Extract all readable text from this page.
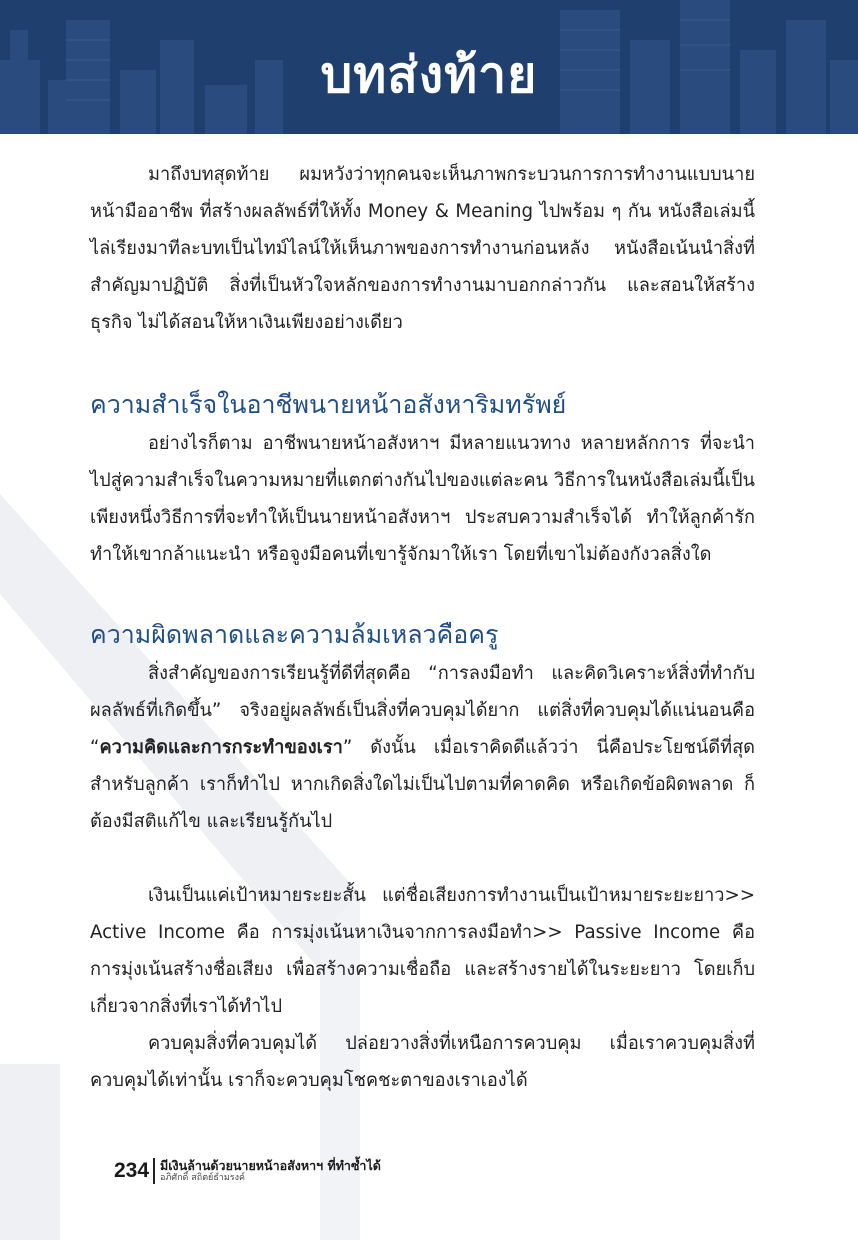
บทส่งท้าย

มาถึงบทสุดท้าย ผมหวังว่าทุกคนจะเห็นภาพกระบวนการการทำงานแบบนายหน้ามืออาชีพ ที่สร้างผลลัพธ์ที่ให้ทั้ง Money & Meaning ไปพร้อม ๆ กัน หนังสือเล่มนี้ไล่เรียงมาทีละบทเป็นไทม์ไลน์ให้เห็นภาพของการทำงานก่อนหลัง หนังสือเน้นนำสิ่งที่สำคัญมาปฏิบัติ สิ่งที่เป็นหัวใจหลักของการทำงานมาบอกกล่าวกัน และสอนให้สร้างธุรกิจ ไม่ได้สอนให้หาเงินเพียงอย่างเดียว

ความสำเร็จในอาชีพนายหน้าอสังหาริมทรัพย์

อย่างไรก็ตาม อาชีพนายหน้าอสังหาฯ มีหลายแนวทาง หลายหลักการ ที่จะนำไปสู่ความสำเร็จในความหมายที่แตกต่างกันไปของแต่ละคน วิธีการในหนังสือเล่มนี้เป็นเพียงหนึ่งวิธีการที่จะทำให้เป็นนายหน้าอสังหาฯ ประสบความสำเร็จได้ ทำให้ลูกค้ารัก ทำให้เขากล้าแนะนำ หรือจูงมือคนที่เขารู้จักมาให้เรา โดยที่เขาไม่ต้องกังวลสิ่งใด

ความผิดพลาดและความล้มเหลวคือครู

สิ่งสำคัญของการเรียนรู้ที่ดีที่สุดคือ “การลงมือทำ และคิดวิเคราะห์สิ่งที่ทำกับผลลัพธ์ที่เกิดขึ้น” จริงอยู่ผลลัพธ์เป็นสิ่งที่ควบคุมได้ยาก แต่สิ่งที่ควบคุมได้แน่นอนคือ “ความคิดและการกระทำของเรา” ดังนั้น เมื่อเราคิดดีแล้วว่า นี่คือประโยชน์ดีที่สุดสำหรับลูกค้า เราก็ทำไป หากเกิดสิ่งใดไม่เป็นไปตามที่คาดคิด หรือเกิดข้อผิดพลาด ก็ต้องมีสติแก้ไข และเรียนรู้กันไป

เงินเป็นแค่เป้าหมายระยะสั้น แต่ชื่อเสียงการทำงานเป็นเป้าหมายระยะยาว>> Active Income คือ การมุ่งเน้นหาเงินจากการลงมือทำ>> Passive Income คือ การมุ่งเน้นสร้างชื่อเสียง เพื่อสร้างความเชื่อถือ และสร้างรายได้ในระยะยาว โดยเก็บเกี่ยวจากสิ่งที่เราได้ทำไป

ควบคุมสิ่งที่ควบคุมได้ ปล่อยวางสิ่งที่เหนือการควบคุม เมื่อเราควบคุมสิ่งที่ควบคุมได้เท่านั้น เราก็จะควบคุมโชคชะตาของเราเองได้

234 มีเงินล้านด้วยนายหน้าอสังหาฯ ที่ทำซ้ำได้
อภิศักดิ์ สถิตย์ธำมรงค์
